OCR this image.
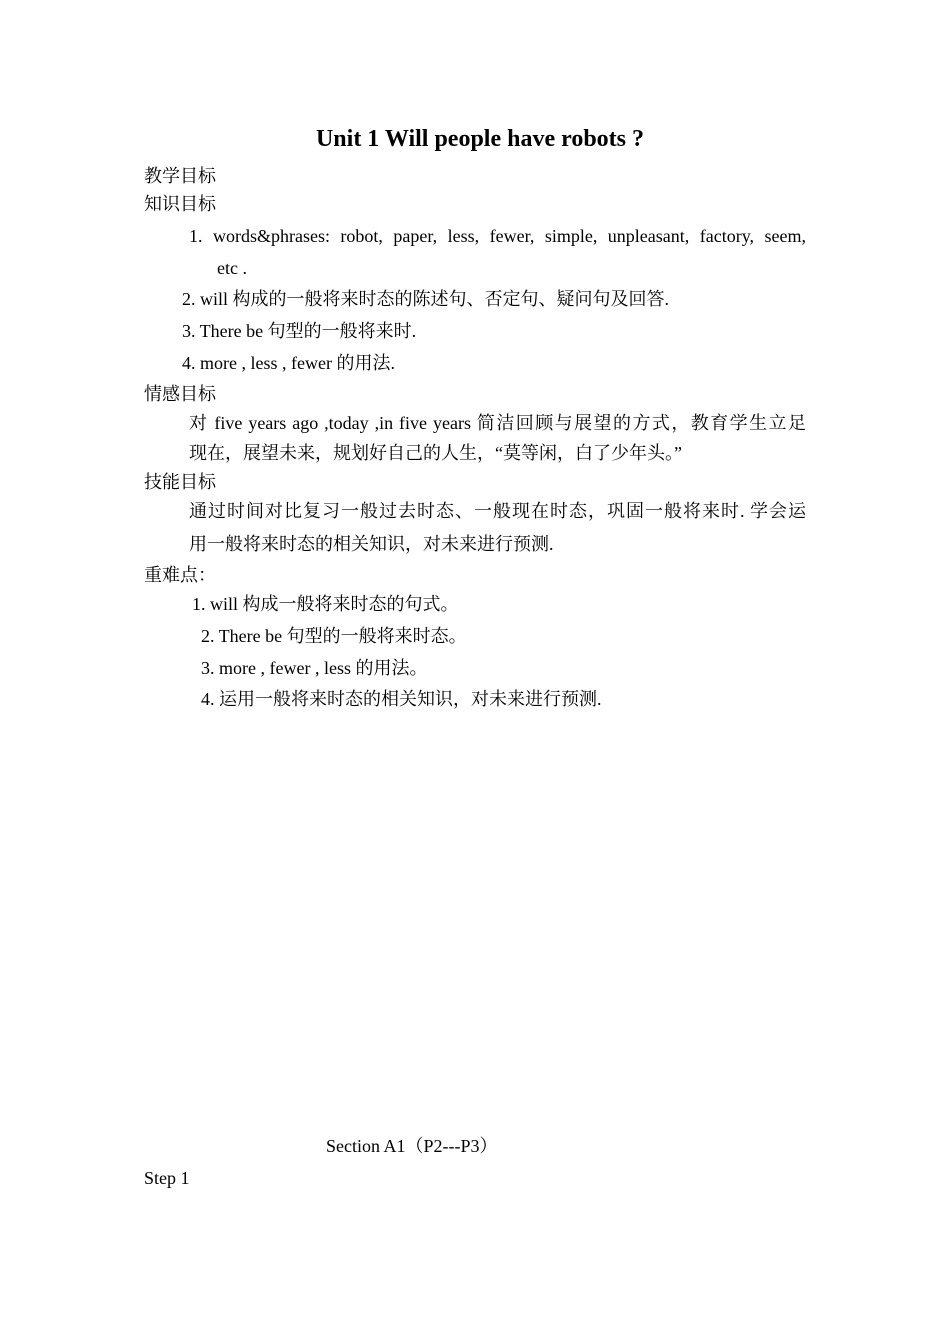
Unit 1 Will people have robots ?
教学目标
知识目标
1. words&phrases: robot, paper, less, fewer, simple, unpleasant, factory, seem,
etc .
2. will 构成的一般将来时态的陈述句、否定句、疑问句及回答.
3. There be 句型的一般将来时.
4. more , less , fewer 的用法.
情感目标
对 five years ago ,today ,in five years 简洁回顾与展望的方式，教育学生立足
现在，展望未来，规划好自己的人生，“莫等闲，白了少年头。”
技能目标
通过时间对比复习一般过去时态、一般现在时态，巩固一般将来时. 学会运
用一般将来时态的相关知识，对未来进行预测.
重难点：
1. will 构成一般将来时态的句式。
2. There be 句型的一般将来时态。
3. more , fewer , less 的用法。
4. 运用一般将来时态的相关知识，对未来进行预测.
Section A1（P2---P3）
Step 1
